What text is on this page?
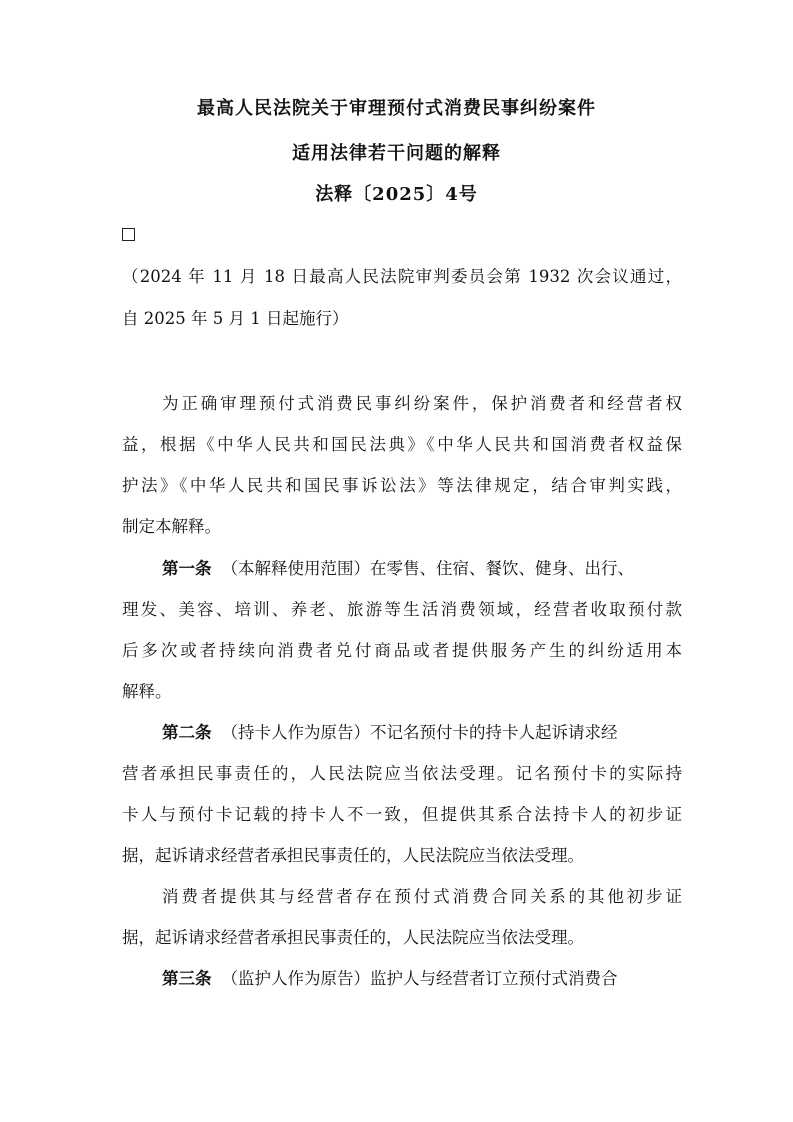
最高人民法院关于审理预付式消费民事纠纷案件
适用法律若干问题的解释
法释〔2025〕4号
（2024 年 11 月 18 日最高人民法院审判委员会第 1932 次会议通过，
自 2025 年 5 月 1 日起施行）
为正确审理预付式消费民事纠纷案件，保护消费者和经营者权
益，根据《中华人民共和国民法典》《中华人民共和国消费者权益保
护法》《中华人民共和国民事诉讼法》等法律规定，结合审判实践，
制定本解释。
第一条 （本解释使用范围）在零售、住宿、餐饮、健身、出行、
理发、美容、培训、养老、旅游等生活消费领域，经营者收取预付款
后多次或者持续向消费者兑付商品或者提供服务产生的纠纷适用本
解释。
第二条 （持卡人作为原告）不记名预付卡的持卡人起诉请求经
营者承担民事责任的，人民法院应当依法受理。记名预付卡的实际持
卡人与预付卡记载的持卡人不一致，但提供其系合法持卡人的初步证
据，起诉请求经营者承担民事责任的，人民法院应当依法受理。
消费者提供其与经营者存在预付式消费合同关系的其他初步证
据，起诉请求经营者承担民事责任的，人民法院应当依法受理。
第三条 （监护人作为原告）监护人与经营者订立预付式消费合
